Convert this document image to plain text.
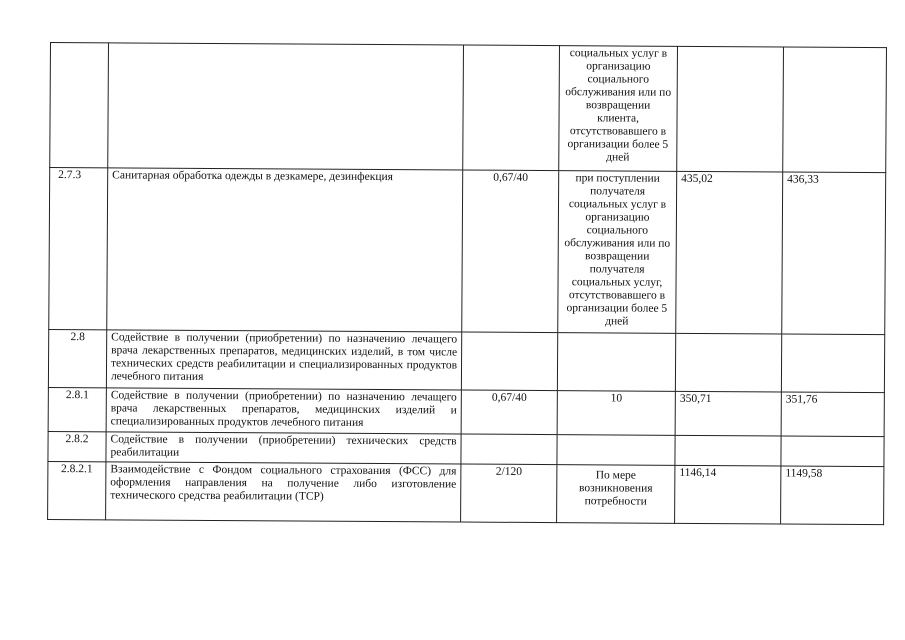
			социальных услуг в организацию социального обслуживания или по возвращении клиента, отсутствовавшего в организации более 5 дней		
2.7.3	Санитарная обработка одежды в дезкамере, дезинфекция	0,67/40	при поступлении получателя социальных услуг в организацию социального обслуживания или по возвращении получателя социальных услуг, отсутствовавшего в организации более 5 дней	435,02	436,33
2.8	Содействие в получении (приобретении) по назначению лечащего врача лекарственных препаратов, медицинских изделий, в том числе технических средств реабилитации и специализированных продуктов лечебного питания				
2.8.1	Содействие в получении (приобретении) по назначению лечащего врача лекарственных препаратов, медицинских изделий и специализированных продуктов лечебного питания	0,67/40	10	350,71	351,76
2.8.2	Содействие в получении (приобретении) технических средств реабилитации				
2.8.2.1	Взаимодействие с Фондом социального страхования (ФСС) для оформления направления на получение либо изготовление технического средства реабилитации (ТСР)	2/120	По мере возникновения потребности	1146,14	1149,58
